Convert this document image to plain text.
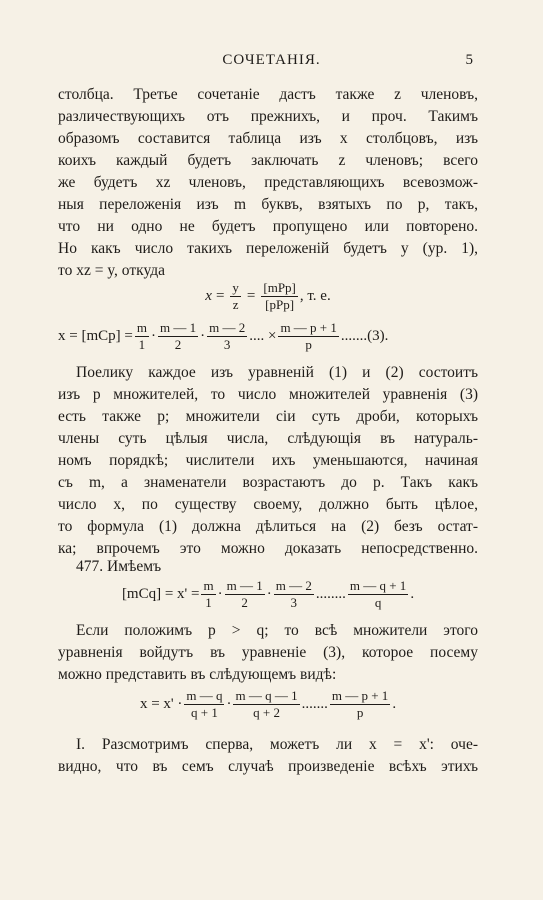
СОЧЕТАНІЯ.	5
столбца. Третье сочетаніе дастъ также z членовъ,
различествующихъ отъ прежнихъ, и проч. Такимъ
образомъ составится таблица изъ x столбцовъ, изъ
коихъ каждый будетъ заключать z членовъ; всего
же будетъ xz членовъ, представляющихъ всевозмож-
ныя переложенія изъ m буквъ, взятыхъ по p, такъ,
что ни одно не будетъ пропущено или повторено.
Но какъ число такихъ переложеній будетъ y (ур. 1),
то xz = y, откуда
$x = \frac{y}{z} = \frac{\text{[mPp]}}{\text{[pPp]}}$ , т. е.
$x = [mCp] = \frac{m}{1} \cdot \frac{m — 1}{2} \cdot \frac{m — 2}{3}$ .... × $\frac{m — p + 1}{p} .......(3)$.
Поелику каждое изъ уравненій (1) и (2) состоитъ
изъ p множителей, то число множителей уравненія (3)
есть также p; множители сіи суть дроби, которыхъ
члены суть цѣлыя числа, слѣдующія въ натураль-
номъ порядкѣ; числители ихъ уменьшаются, начиная
съ m, а знаменатели возрастаютъ до p. Такъ какъ
число x, по существу своему, должно быть цѣлое,
то формула (1) должна дѣлиться на (2) безъ остат-
ка; впрочемъ это можно доказать непосредственно.
477. Имѣемъ
$[mCq] = x' = \frac{m}{1} \cdot \frac{m — 1}{2} \cdot \frac{m — 2}{3}$ ........ $\frac{m — q + 1}{q}$ .
Если положимъ p > q; то всѣ множители этого
уравненія войдутъ въ уравненіе (3), которое посему
можно представить въ слѣдующемъ видѣ:
$x = x' \cdot \frac{m — q}{q + 1} \cdot \frac{m — q — 1}{q + 2}$ ....... $\frac{m — p + 1}{p}$ .
I. Разсмотримъ сперва, можетъ ли x = x': оче-
видно, что въ семъ случаѣ произведеніе всѣхъ этихъ
